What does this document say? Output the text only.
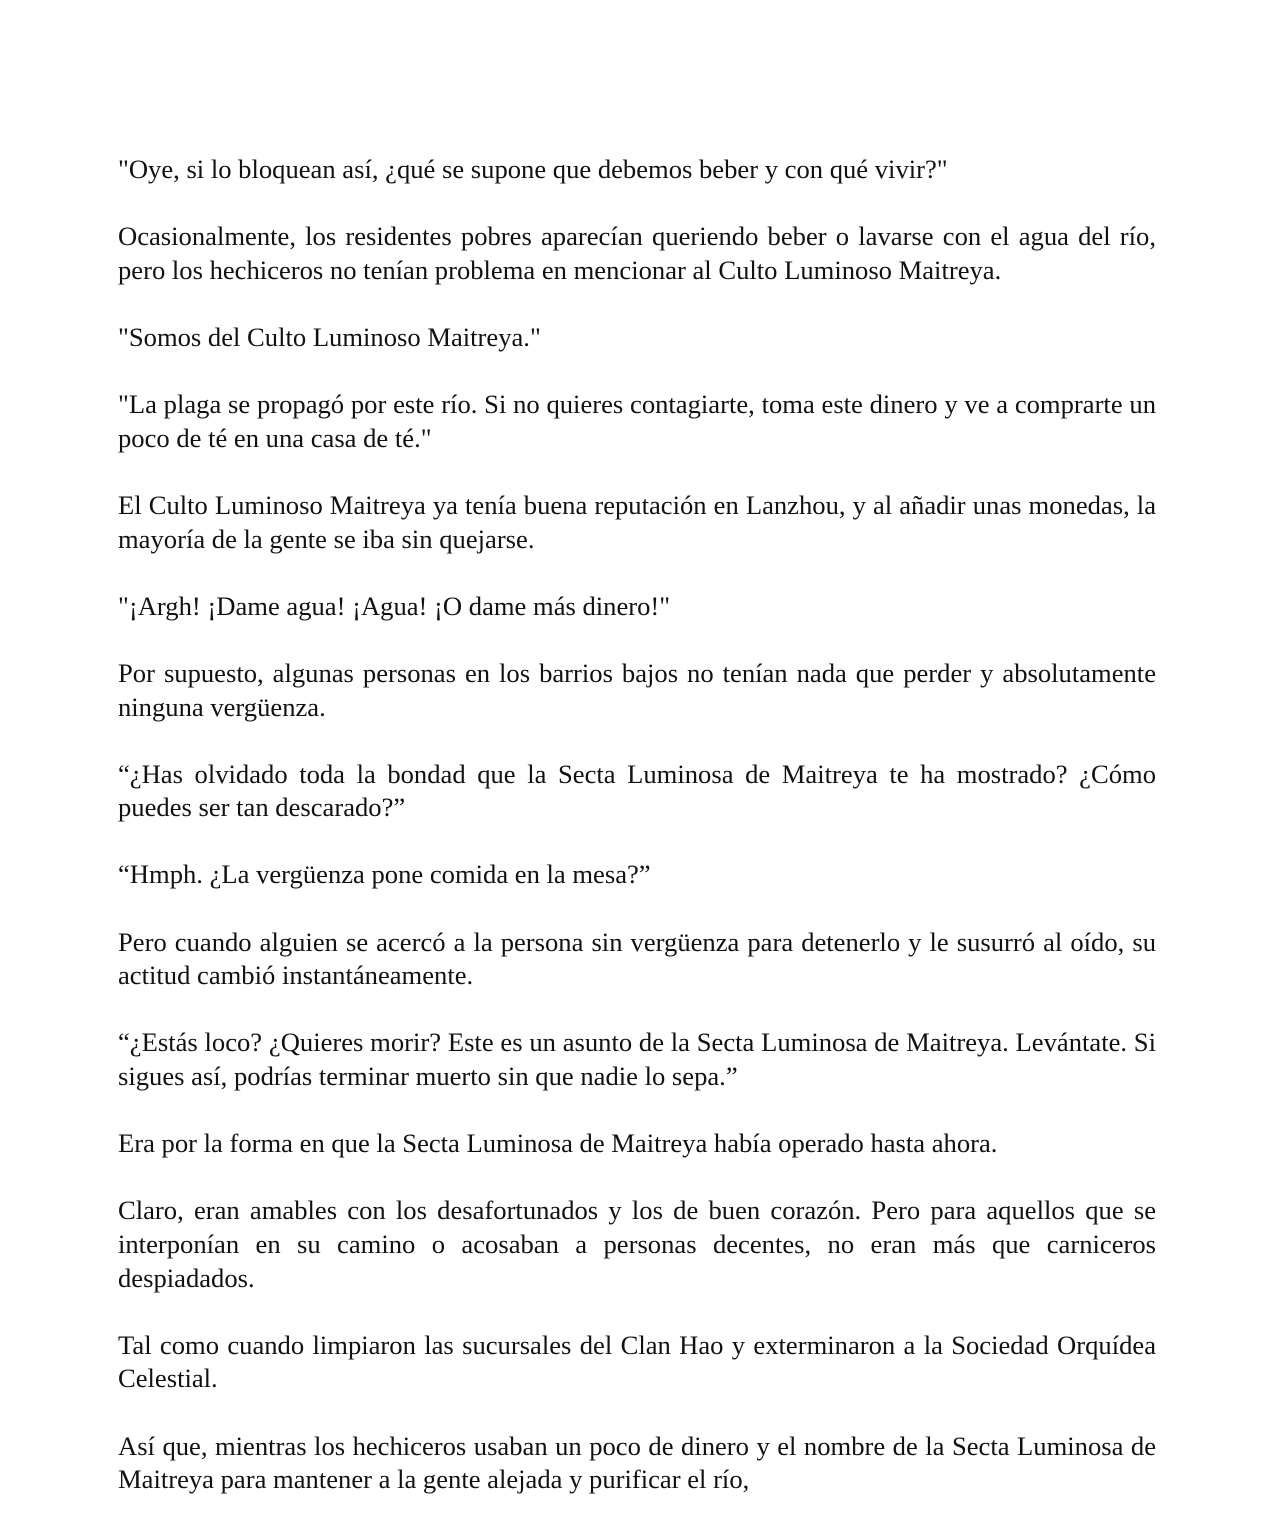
"Oye, si lo bloquean así, ¿qué se supone que debemos beber y con qué vivir?"

Ocasionalmente, los residentes pobres aparecían queriendo beber o lavarse con el agua del río, pero los hechiceros no tenían problema en mencionar al Culto Luminoso Maitreya.

"Somos del Culto Luminoso Maitreya."

"La plaga se propagó por este río. Si no quieres contagiarte, toma este dinero y ve a comprarte un poco de té en una casa de té."

El Culto Luminoso Maitreya ya tenía buena reputación en Lanzhou, y al añadir unas monedas, la mayoría de la gente se iba sin quejarse.

"¡Argh! ¡Dame agua! ¡Agua! ¡O dame más dinero!"

Por supuesto, algunas personas en los barrios bajos no tenían nada que perder y absolutamente ninguna vergüenza.

“¿Has olvidado toda la bondad que la Secta Luminosa de Maitreya te ha mostrado? ¿Cómo puedes ser tan descarado?”

“Hmph. ¿La vergüenza pone comida en la mesa?”

Pero cuando alguien se acercó a la persona sin vergüenza para detenerlo y le susurró al oído, su actitud cambió instantáneamente.

“¿Estás loco? ¿Quieres morir? Este es un asunto de la Secta Luminosa de Maitreya. Levántate. Si sigues así, podrías terminar muerto sin que nadie lo sepa.”

Era por la forma en que la Secta Luminosa de Maitreya había operado hasta ahora.

Claro, eran amables con los desafortunados y los de buen corazón. Pero para aquellos que se interponían en su camino o acosaban a personas decentes, no eran más que carniceros despiadados.

Tal como cuando limpiaron las sucursales del Clan Hao y exterminaron a la Sociedad Orquídea Celestial.

Así que, mientras los hechiceros usaban un poco de dinero y el nombre de la Secta Luminosa de Maitreya para mantener a la gente alejada y purificar el río,
